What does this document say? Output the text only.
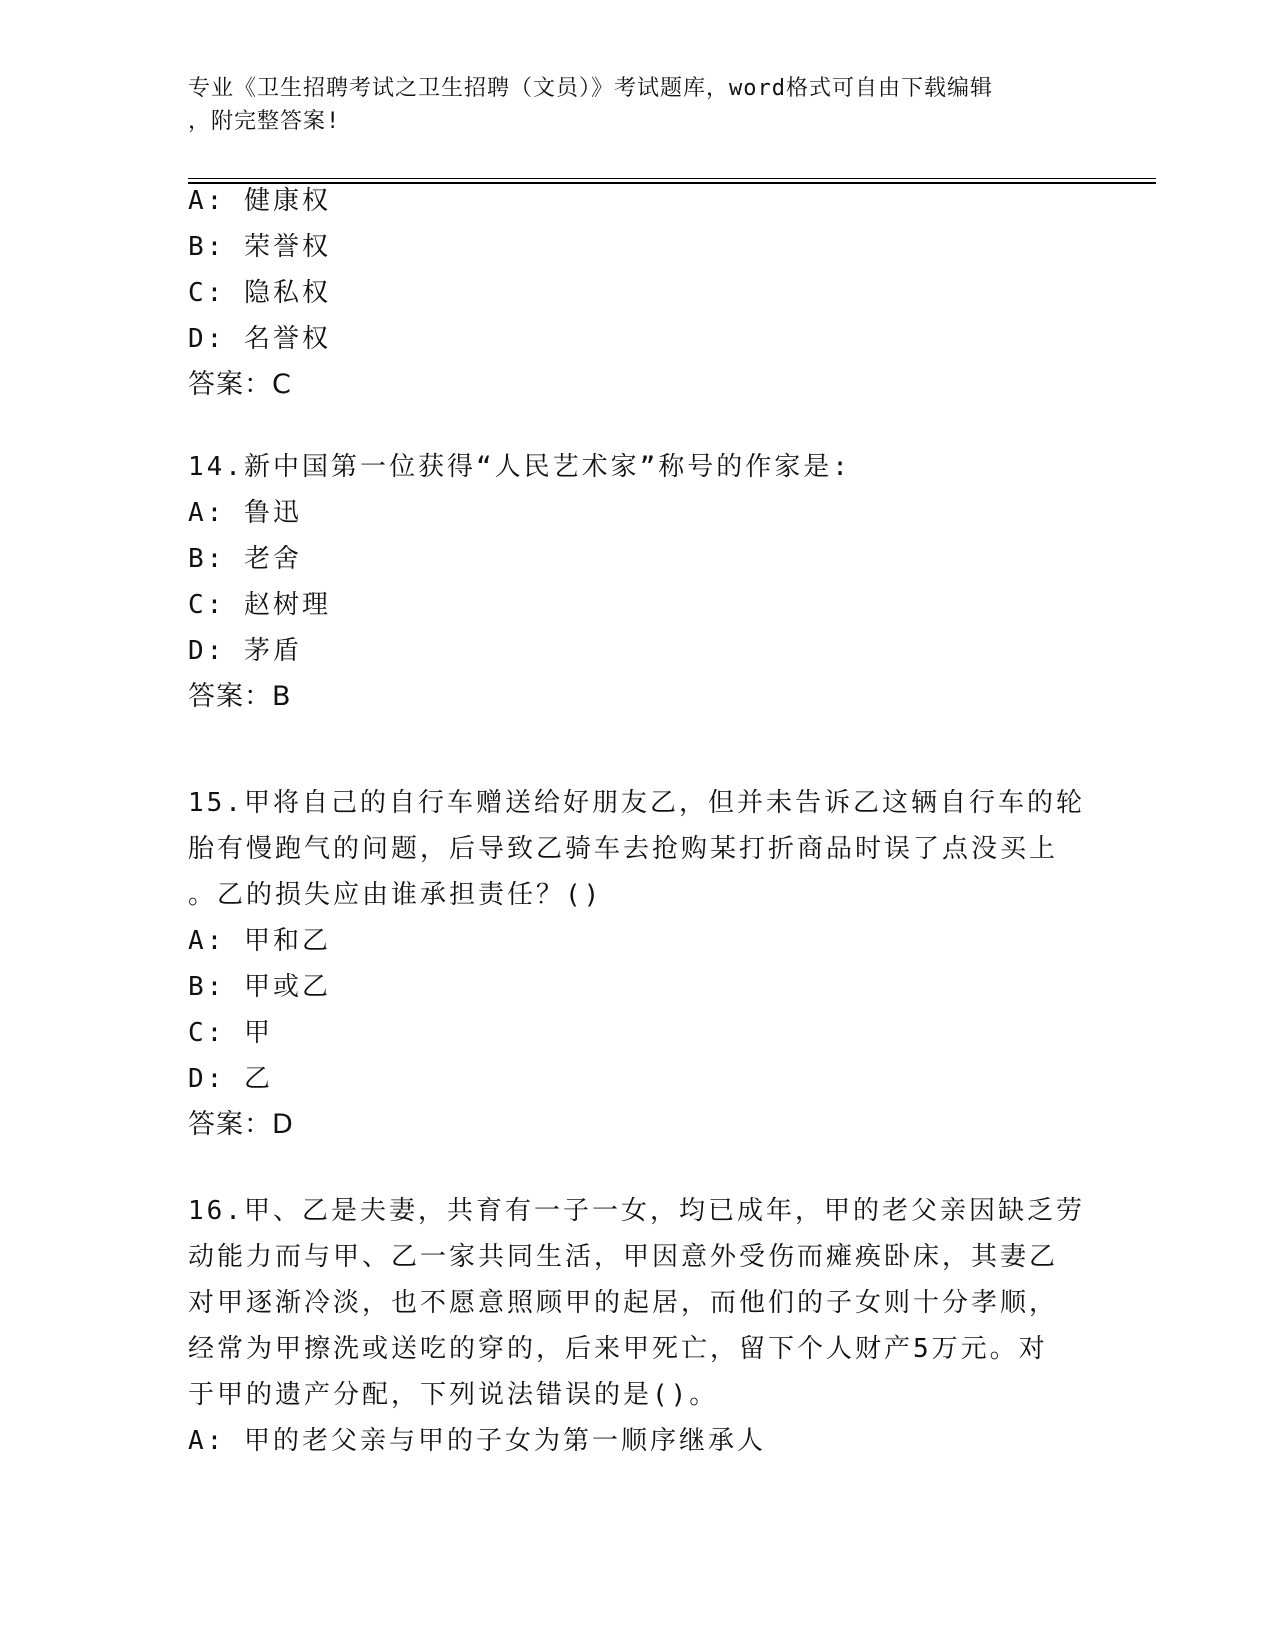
专业《卫生招聘考试之卫生招聘（文员）》考试题库，word格式可自由下载编辑
，附完整答案!
A: 健康权
B: 荣誉权
C: 隐私权
D: 名誉权
答案：C
14.新中国第一位获得“人民艺术家”称号的作家是:
A: 鲁迅
B: 老舍
C: 赵树理
D: 茅盾
答案：B
15.甲将自己的自行车赠送给好朋友乙，但并未告诉乙这辆自行车的轮
胎有慢跑气的问题，后导致乙骑车去抢购某打折商品时误了点没买上
。乙的损失应由谁承担责任？()
A: 甲和乙
B: 甲或乙
C: 甲
D: 乙
答案：D
16.甲、乙是夫妻，共育有一子一女，均已成年，甲的老父亲因缺乏劳
动能力而与甲、乙一家共同生活，甲因意外受伤而瘫痪卧床，其妻乙
对甲逐渐冷淡，也不愿意照顾甲的起居，而他们的子女则十分孝顺，
经常为甲擦洗或送吃的穿的，后来甲死亡，留下个人财产5万元。对
于甲的遗产分配，下列说法错误的是()。
A: 甲的老父亲与甲的子女为第一顺序继承人
